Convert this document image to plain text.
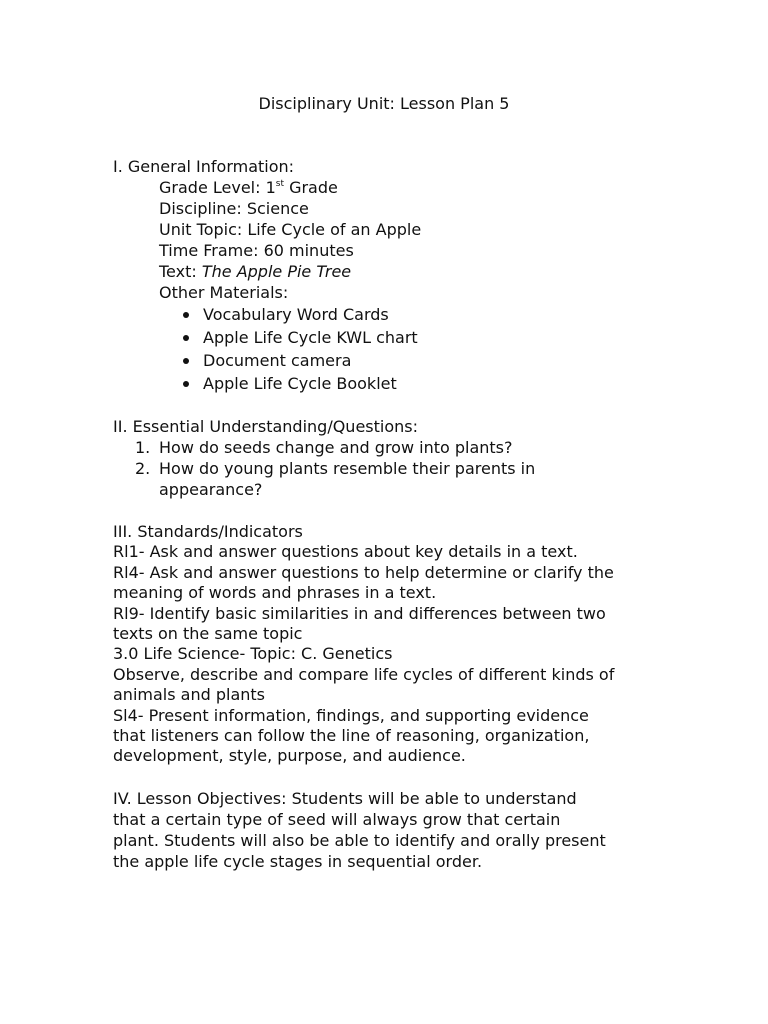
Disciplinary Unit: Lesson Plan 5
I. General Information:
Grade Level: 1st Grade
Discipline: Science
Unit Topic: Life Cycle of an Apple
Time Frame: 60 minutes
Text: The Apple Pie Tree
Other Materials:
Vocabulary Word Cards
Apple Life Cycle KWL chart
Document camera
Apple Life Cycle Booklet
II. Essential Understanding/Questions:
1. How do seeds change and grow into plants?
2. How do young plants resemble their parents in
appearance?
III. Standards/Indicators
Rl1- Ask and answer questions about key details in a text.
Rl4- Ask and answer questions to help determine or clarify the
meaning of words and phrases in a text.
Rl9- Identify basic similarities in and differences between two
texts on the same topic
3.0 Life Science- Topic: C. Genetics
Observe, describe and compare life cycles of different kinds of
animals and plants
Sl4- Present information, findings, and supporting evidence
that listeners can follow the line of reasoning, organization,
development, style, purpose, and audience.
IV. Lesson Objectives: Students will be able to understand
that a certain type of seed will always grow that certain
plant. Students will also be able to identify and orally present
the apple life cycle stages in sequential order.
